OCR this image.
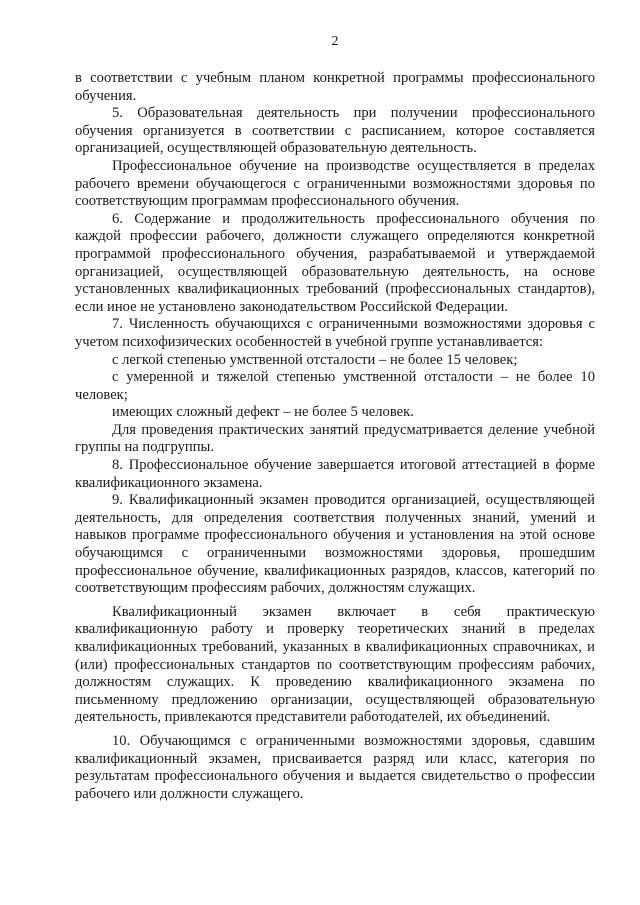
2

в соответствии с учебным планом конкретной программы профессионального обучения.

5. Образовательная деятельность при получении профессионального обучения организуется в соответствии с расписанием, которое составляется организацией, осуществляющей образовательную деятельность.

Профессиональное обучение на производстве осуществляется в пределах рабочего времени обучающегося с ограниченными возможностями здоровья по соответствующим программам профессионального обучения.

6. Содержание и продолжительность профессионального обучения по каждой профессии рабочего, должности служащего определяются конкретной программой профессионального обучения, разрабатываемой и утверждаемой организацией, осуществляющей образовательную деятельность, на основе установленных квалификационных требований (профессиональных стандартов), если иное не установлено законодательством Российской Федерации.

7. Численность обучающихся с ограниченными возможностями здоровья с учетом психофизических особенностей в учебной группе устанавливается:

с легкой степенью умственной отсталости – не более 15 человек;

с умеренной и тяжелой степенью умственной отсталости – не более 10 человек;

имеющих сложный дефект – не более 5 человек.

Для проведения практических занятий предусматривается деление учебной группы на подгруппы.

8. Профессиональное обучение завершается итоговой аттестацией в форме квалификационного экзамена.

9. Квалификационный экзамен проводится организацией, осуществляющей деятельность, для определения соответствия полученных знаний, умений и навыков программе профессионального обучения и установления на этой основе обучающимся с ограниченными возможностями здоровья, прошедшим профессиональное обучение, квалификационных разрядов, классов, категорий по соответствующим профессиям рабочих, должностям служащих.

Квалификационный экзамен включает в себя практическую квалификационную работу и проверку теоретических знаний в пределах квалификационных требований, указанных в квалификационных справочниках, и (или) профессиональных стандартов по соответствующим профессиям рабочих, должностям служащих. К проведению квалификационного экзамена по письменному предложению организации, осуществляющей образовательную деятельность, привлекаются представители работодателей, их объединений.

10. Обучающимся с ограниченными возможностями здоровья, сдавшим квалификационный экзамен, присваивается разряд или класс, категория по результатам профессионального обучения и выдается свидетельство о профессии рабочего или должности служащего.
